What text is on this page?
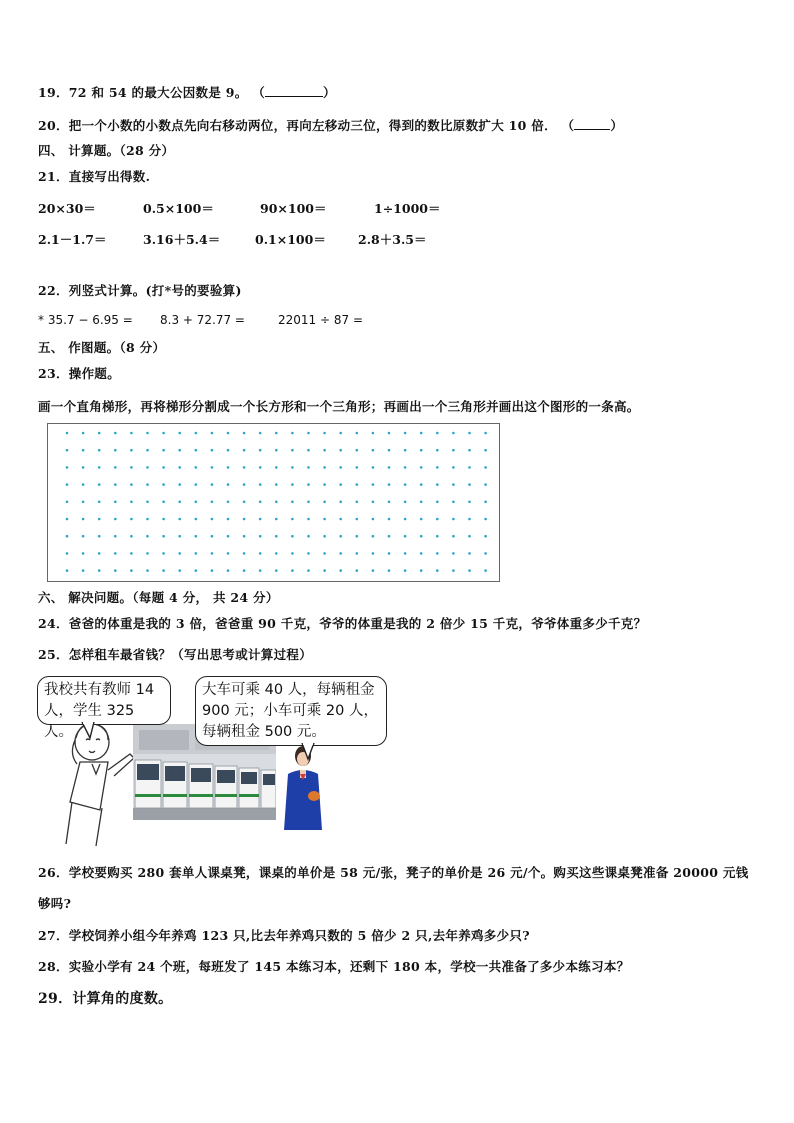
19．72 和 54 的最大公因数是 9。 （	）
20．把一个小数的小数点先向右移动两位，再向左移动三位，得到的数比原数扩大 10 倍． （	）
四、 计算题。（28 分）
21．直接写出得数.
20×30＝	0.5×100＝	90×100＝	1÷1000＝
2.1－1.7＝	3.16＋5.4＝	0.1×100＝	2.8＋3.5＝
22．列竖式计算。(打*号的要验算)
* 35.7 − 6.95 = 8.3 + 72.77 =	22011 ÷ 87 =
五、 作图题。（8 分）
23．操作题。
画一个直角梯形，再将梯形分割成一个长方形和一个三角形；再画出一个三角形并画出这个图形的一条高。
六、 解决问题。（每题 4 分， 共 24 分）
24．爸爸的体重是我的 3 倍，爸爸重 90 千克，爷爷的体重是我的 2 倍少 15 千克，爷爷体重多少千克？
25．怎样租车最省钱？（写出思考或计算过程）
我校共有教师 14
人，学生 325 人。
大车可乘 40 人，每辆租金
900 元；小车可乘 20 人，
每辆租金 500 元。
26．学校要购买 280 套单人课桌凳，课桌的单价是 58 元/张，凳子的单价是 26 元/个。购买这些课桌凳准备 20000 元钱
够吗?
27．学校饲养小组今年养鸡 123 只,比去年养鸡只数的 5 倍少 2 只,去年养鸡多少只?
28．实验小学有 24 个班，每班发了 145 本练习本，还剩下 180 本，学校一共准备了多少本练习本？
29．计算角的度数。
